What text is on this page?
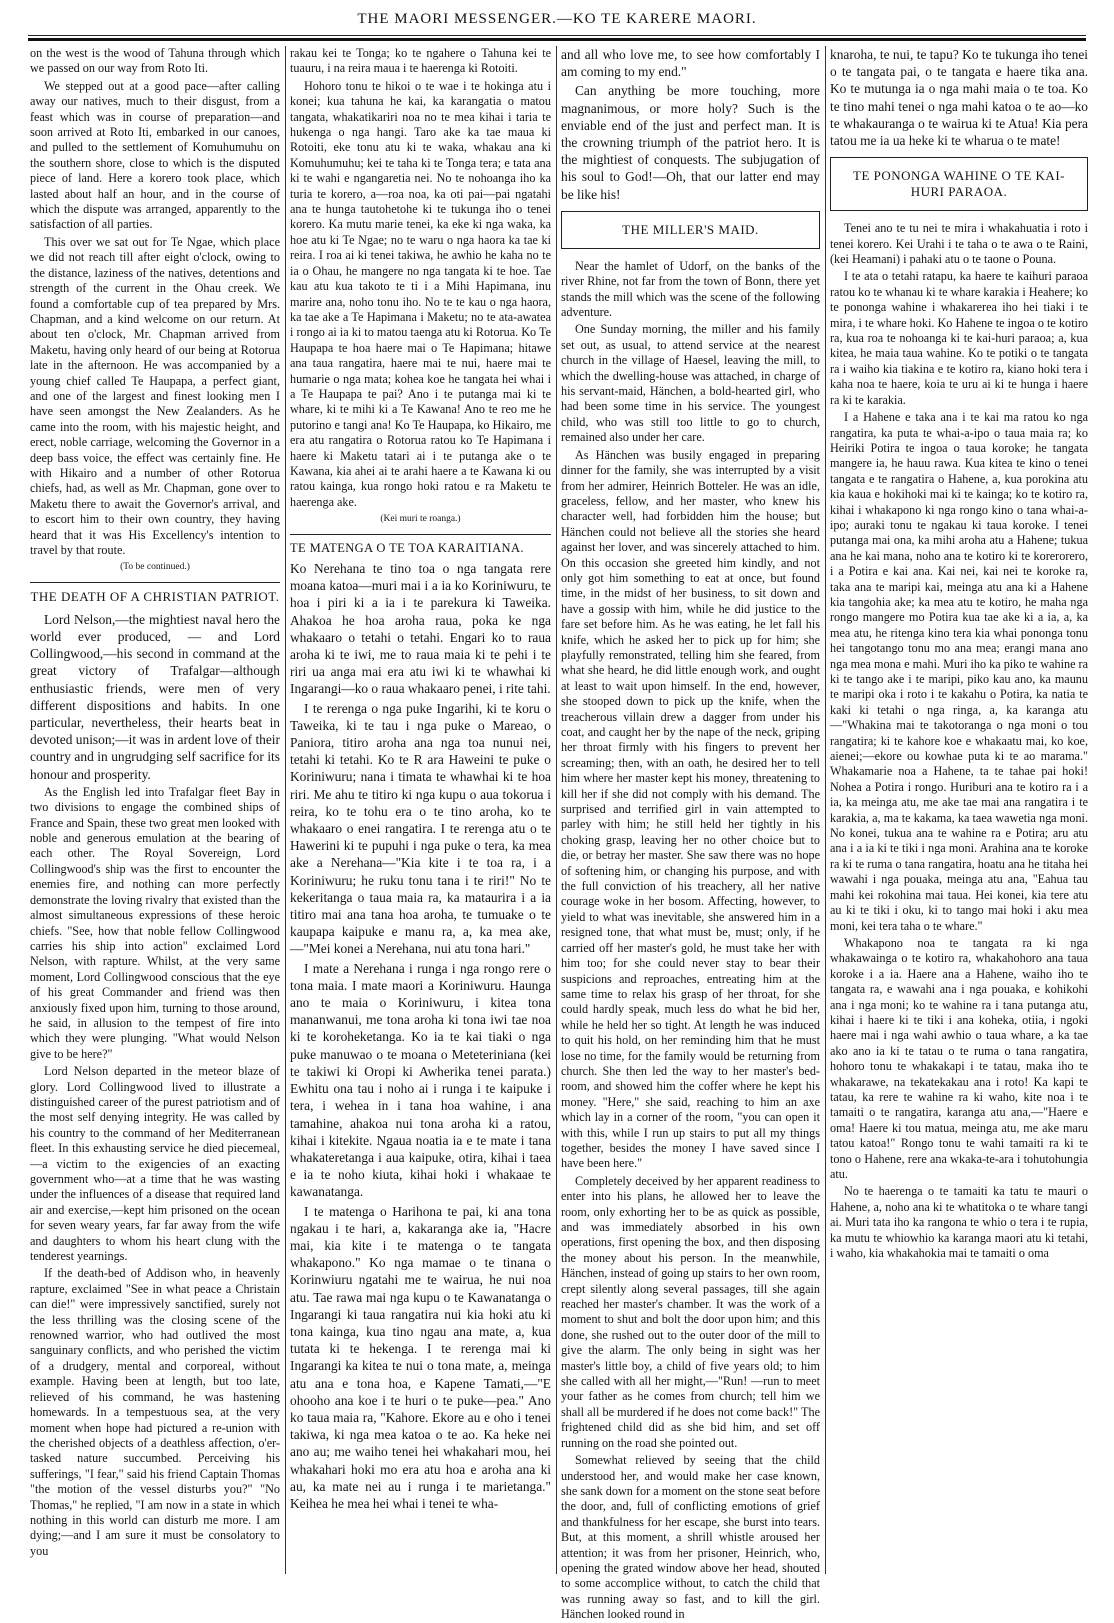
THE MAORI MESSENGER.—KO TE KARERE MAORI.

on the west is the wood of Tahuna through which we passed on our way from Roto Iti.

We stepped out at a good pace—after calling away our natives, much to their disgust, from a feast which was in course of preparation—and soon arrived at Roto Iti, embarked in our canoes, and pulled to the settlement of Komuhumuhu on the southern shore, close to which is the disputed piece of land. Here a korero took place, which lasted about half an hour, and in the course of which the dispute was arranged, apparently to the satisfaction of all parties.

This over we sat out for Te Ngae, which place we did not reach till after eight o'clock, owing to the distance, laziness of the natives, detentions and strength of the current in the Ohau creek. We found a comfortable cup of tea prepared by Mrs. Chapman, and a kind welcome on our return. At about ten o'clock, Mr. Chapman arrived from Maketu, having only heard of our being at Rotorua late in the afternoon. He was accompanied by a young chief called Te Haupapa, a perfect giant, and one of the largest and finest looking men I have seen amongst the New Zealanders. As he came into the room, with his majestic height, and erect, noble carriage, welcoming the Governor in a deep bass voice, the effect was certainly fine. He with Hikairo and a number of other Rotorua chiefs, had, as well as Mr. Chapman, gone over to Maketu there to await the Governor's arrival, and to escort him to their own country, they having heard that it was His Excellency's intention to travel by that route.

(To be continued.)
THE DEATH OF A CHRISTIAN PATRIOT.

Lord Nelson,—the mightiest naval hero the world ever produced, — and Lord Collingwood,—his second in command at the great victory of Trafalgar—although enthusiastic friends, were men of very different dispositions and habits. In one particular, nevertheless, their hearts beat in devoted unison;—it was in ardent love of their country and in ungrudging self sacrifice for its honour and prosperity.

As the English led into Trafalgar fleet Bay in two divisions to engage the combined ships of France and Spain, these two great men looked with noble and generous emulation at the bearing of each other. The Royal Sovereign, Lord Collingwood's ship was the first to encounter the enemies fire, and nothing can more perfectly demonstrate the loving rivalry that existed than the almost simultaneous expressions of these heroic chiefs. "See, how that noble fellow Collingwood carries his ship into action" exclaimed Lord Nelson, with rapture. Whilst, at the very same moment, Lord Collingwood conscious that the eye of his great Commander and friend was then anxiously fixed upon him, turning to those around, he said, in allusion to the tempest of fire into which they were plunging. "What would Nelson give to be here?"

Lord Nelson departed in the meteor blaze of glory. Lord Collingwood lived to illustrate a distinguished career of the purest patriotism and of the most self denying integrity. He was called by his country to the command of her Mediterranean fleet. In this exhausting service he died piecemeal,—a victim to the exigencies of an exacting government who—at a time that he was wasting under the influences of a disease that required land air and exercise,—kept him prisoned on the ocean for seven weary years, far far away from the wife and daughters to whom his heart clung with the tenderest yearnings.

If the death-bed of Addison who, in heavenly rapture, exclaimed "See in what peace a Christain can die!" were impressively sanctified, surely not the less thrilling was the closing scene of the renowned warrior, who had outlived the most sanguinary conflicts, and who perished the victim of a drudgery, mental and corporeal, without example. Having been at length, but too late, relieved of his command, he was hastening homewards. In a tempestuous sea, at the very moment when hope had pictured a re-union with the cherished objects of a deathless affection, o'er-tasked nature succumbed. Perceiving his sufferings, "I fear," said his friend Captain Thomas "the motion of the vessel disturbs you?" "No Thomas," he replied, "I am now in a state in which nothing in this world can disturb me more. I am dying;—and I am sure it must be consolatory to you

rakau kei te Tonga; ko te ngahere o Tahuna kei te tuauru, i na reira maua i te haerenga ki Rotoiti.

Hohoro tonu te hikoi o te wae i te hokinga atu i konei; kua tahuna he kai, ka karangatia o matou tangata, whakatikariri noa no te mea kihai i taria te hukenga o nga hangi. Taro ake ka tae maua ki Rotoiti, eke tonu atu ki te waka, whakau ana ki Komuhumuhu; kei te taha ki te Tonga tera; e tata ana ki te wahi e ngangaretia nei. No te nohoanga iho ka turia te korero, a—roa noa, ka oti pai—pai ngatahi ana te hunga tautohetohe ki te tukunga iho o tenei korero. Ka mutu marie tenei, ka eke ki nga waka, ka hoe atu ki Te Ngae; no te waru o nga haora ka tae ki reira. I roa ai ki tenei takiwa, he awhio he kaha no te ia o Ohau, he mangere no nga tangata ki te hoe. Tae kau atu kua takoto te ti i a Mihi Hapimana, inu marire ana, noho tonu iho. No te te kau o nga haora, ka tae ake a Te Hapimana i Maketu; no te ata-awatea i rongo ai ia ki to matou taenga atu ki Rotorua. Ko Te Haupapa te hoa haere mai o Te Hapimana; hitawe ana taua rangatira, haere mai te nui, haere mai te humarie o nga mata; kohea koe he tangata hei whai i a Te Haupapa te pai? Ano i te putanga mai ki te whare, ki te mihi ki a Te Kawana! Ano te reo me he putorino e tangi ana! Ko Te Haupapa, ko Hikairo, me era atu rangatira o Rotorua ratou ko Te Hapimana i haere ki Maketu tatari ai i te putanga ake o te Kawana, kia ahei ai te arahi haere a te Kawana ki ou ratou kainga, kua rongo hoki ratou e ra Maketu te haerenga ake.

(Kei muri te roanga.)
TE MATENGA O TE TOA KARAITIANA.

Ko Nerehana te tino toa o nga tangata rere moana katoa—muri mai i a ia ko Koriniwuru, te hoa i piri ki a ia i te parekura ki Taweika. Ahakoa he hoa aroha raua, poka ke nga whakaaro o tetahi o tetahi. Engari ko to raua aroha ki te iwi, me to raua maia ki te pehi i te riri ua anga mai era atu iwi ki te whawhai ki Ingarangi—ko o raua whakaaro penei, i rite tahi.

I te rerenga o nga puke Ingarihi, ki te koru o Taweika, ki te tau i nga puke o Mareao, o Paniora, titiro aroha ana nga toa nunui nei, tetahi ki tetahi. Ko te R ara Haweini te puke o Koriniwuru; nana i timata te whawhai ki te hoa riri. Me ahu te titiro ki nga kupu o aua tokorua i reira, ko te tohu era o te tino aroha, ko te whakaaro o enei rangatira. I te rerenga atu o te Hawerini ki te pupuhi i nga puke o tera, ka mea ake a Nerehana—"Kia kite i te toa ra, i a Koriniwuru; he ruku tonu tana i te riri!" No te kekeritanga o taua maia ra, ka mataurira i a ia titiro mai ana tana hoa aroha, te tumuake o te kaupapa kaipuke e manu ra, a, ka mea ake,—"Mei konei a Nerehana, nui atu tona hari."

I mate a Nerehana i runga i nga rongo rere o tona maia. I mate maori a Koriniwuru. Haunga ano te maia o Koriniwuru, i kitea tona mananwanui, me tona aroha ki tona iwi tae noa ki te koroheketanga. Ko ia te kai tiaki o nga puke manuwao o te moana o Meteteriniana (kei te takiwi ki Oropi ki Awherika tenei parata.) Ewhitu ona tau i noho ai i runga i te kaipuke i tera, i wehea in i tana hoa wahine, i ana tamahine, ahakoa nui tona aroha ki a ratou, kihai i kitekite. Ngaua noatia ia e te mate i tana whakateretanga i aua kaipuke, otira, kihai i taea e ia te noho kiuta, kihai hoki i whakaae te kawanatanga.

I te matenga o Harihona te pai, ki ana tona ngakau i te hari, a, kakaranga ake ia, "Hacre mai, kia kite i te matenga o te tangata whakapono." Ko nga mamae o te tinana o Korinwiuru ngatahi me te wairua, he nui noa atu. Tae rawa mai nga kupu o te Kawanatanga o Ingarangi ki taua rangatira nui kia hoki atu ki tona kainga, kua tino ngau ana mate, a, kua tutata ki te hekenga. I te rerenga mai ki Ingarangi ka kitea te nui o tona mate, a, meinga atu ana e tona hoa, e Kapene Tamati,—"E ohooho ana koe i te huri o te puke—pea." Ano ko taua maia ra, "Kahore. Ekore au e oho i tenei takiwa, ki nga mea katoa o te ao. Ka heke nei ano au; me waiho tenei hei whakahari mou, hei whakahari hoki mo era atu hoa e aroha ana ki au, ka mate nei au i runga i te marietanga." Keihea he mea hei whai i tenei te wha-

and all who love me, to see how comfortably I am coming to my end."

Can anything be more touching, more magnanimous, or more holy? Such is the enviable end of the just and perfect man. It is the crowning triumph of the patriot hero. It is the mightiest of conquests. The subjugation of his soul to God!—Oh, that our latter end may be like his!

THE MILLER'S MAID.

Near the hamlet of Udorf, on the banks of the river Rhine, not far from the town of Bonn, there yet stands the mill which was the scene of the following adventure.

One Sunday morning, the miller and his family set out, as usual, to attend service at the nearest church in the village of Haesel, leaving the mill, to which the dwelling-house was attached, in charge of his servant-maid, Hänchen, a bold-hearted girl, who had been some time in his service. The youngest child, who was still too little to go to church, remained also under her care.

As Hänchen was busily engaged in preparing dinner for the family, she was interrupted by a visit from her admirer, Heinrich Botteler. He was an idle, graceless, fellow, and her master, who knew his character well, had forbidden him the house; but Hänchen could not believe all the stories she heard against her lover, and was sincerely attached to him. On this occasion she greeted him kindly, and not only got him something to eat at once, but found time, in the midst of her business, to sit down and have a gossip with him, while he did justice to the fare set before him. As he was eating, he let fall his knife, which he asked her to pick up for him; she playfully remonstrated, telling him she feared, from what she heard, he did little enough work, and ought at least to wait upon himself. In the end, however, she stooped down to pick up the knife, when the treacherous villain drew a dagger from under his coat, and caught her by the nape of the neck, griping her throat firmly with his fingers to prevent her screaming; then, with an oath, he desired her to tell him where her master kept his money, threatening to kill her if she did not comply with his demand. The surprised and terrified girl in vain attempted to parley with him; he still held her tightly in his choking grasp, leaving her no other choice but to die, or betray her master. She saw there was no hope of softening him, or changing his purpose, and with the full conviction of his treachery, all her native courage woke in her bosom. Affecting, however, to yield to what was inevitable, she answered him in a resigned tone, that what must be, must; only, if he carried off her master's gold, he must take her with him too; for she could never stay to bear their suspicions and reproaches, entreating him at the same time to relax his grasp of her throat, for she could hardly speak, much less do what he bid her, while he held her so tight. At length he was induced to quit his hold, on her reminding him that he must lose no time, for the family would be returning from church. She then led the way to her master's bed-room, and showed him the coffer where he kept his money. "Here," she said, reaching to him an axe which lay in a corner of the room, "you can open it with this, while I run up stairs to put all my things together, besides the money I have saved since I have been here."

Completely deceived by her apparent readiness to enter into his plans, he allowed her to leave the room, only exhorting her to be as quick as possible, and was immediately absorbed in his own operations, first opening the box, and then disposing the money about his person. In the meanwhile, Hänchen, instead of going up stairs to her own room, crept silently along several passages, till she again reached her master's chamber. It was the work of a moment to shut and bolt the door upon him; and this done, she rushed out to the outer door of the mill to give the alarm. The only being in sight was her master's little boy, a child of five years old; to him she called with all her might,—"Run! —run to meet your father as he comes from church; tell him we shall all be murdered if he does not come back!" The frightened child did as she bid him, and set off running on the road she pointed out.

Somewhat relieved by seeing that the child understood her, and would make her case known, she sank down for a moment on the stone seat before the door, and, full of conflicting emotions of grief and thankfulness for her escape, she burst into tears. But, at this moment, a shrill whistle aroused her attention; it was from her prisoner, Heinrich, who, opening the grated window above her head, shouted to some accomplice without, to catch the child that was running away so fast, and to kill the girl. Hänchen looked round in

knaroha, te nui, te tapu? Ko te tukunga iho tenei o te tangata pai, o te tangata e haere tika ana. Ko te mutunga ia o nga mahi maia o te toa. Ko te tino mahi tenei o nga mahi katoa o te ao—ko te whakauranga o te wairua ki te Atua! Kia pera tatou me ia ua heke ki te wharua o te mate!

TE PONONGA WAHINE O TE KAI-HURI PARAOA.

Tenei ano te tu nei te mira i whakahuatia i roto i tenei korero. Kei Urahi i te taha o te awa o te Raini, (kei Heamani) i pahaki atu o te taone o Pouna.

I te ata o tetahi ratapu, ka haere te kaihuri paraoa ratou ko te whanau ki te whare karakia i Heahere; ko te pononga wahine i whakarerea iho hei tiaki i te mira, i te whare hoki. Ko Hahene te ingoa o te kotiro ra, kua roa te nohoanga ki te kai-huri paraoa; a, kua kitea, he maia taua wahine. Ko te potiki o te tangata ra i waiho kia tiakina e te kotiro ra, kiano hoki tera i kaha noa te haere, koia te uru ai ki te hunga i haere ra ki te karakia.

I a Hahene e taka ana i te kai ma ratou ko nga rangatira, ka puta te whai-a-ipo o taua maia ra; ko Heiriki Potira te ingoa o taua koroke; he tangata mangere ia, he hauu rawa. Kua kitea te kino o tenei tangata e te rangatira o Hahene, a, kua porokina atu kia kaua e hokihoki mai ki te kainga; ko te kotiro ra, kihai i whakapono ki nga rongo kino o tana whai-a-ipo; auraki tonu te ngakau ki taua koroke. I tenei putanga mai ona, ka mihi aroha atu a Hahene; tukua ana he kai mana, noho ana te kotiro ki te korerorero, i a Potira e kai ana. Kai nei, kai nei te koroke ra, taka ana te maripi kai, meinga atu ana ki a Hahene kia tangohia ake; ka mea atu te kotiro, he maha nga rongo mangere mo Potira kua tae ake ki a ia, a, ka mea atu, he ritenga kino tera kia whai pononga tonu hei tangotango tonu mo ana mea; erangi mana ano nga mea mona e mahi. Muri iho ka piko te wahine ra ki te tango ake i te maripi, piko kau ano, ka maunu te maripi oka i roto i te kakahu o Potira, ka natia te kaki ki tetahi o nga ringa, a, ka karanga atu—"Whakina mai te takotoranga o nga moni o tou rangatira; ki te kahore koe e whakaatu mai, ko koe, aienei;—ekore ou kowhae puta ki te ao marama." Whakamarie noa a Hahene, ta te tahae pai hoki! Nohea a Potira i rongo. Huriburi ana te kotiro ra i a ia, ka meinga atu, me ake tae mai ana rangatira i te karakia, a, ma te kakama, ka taea wawetia nga moni. No konei, tukua ana te wahine ra e Potira; aru atu ana i a ia ki te tiki i nga moni. Arahina ana te koroke ra ki te ruma o tana rangatira, hoatu ana he titaha hei wawahi i nga pouaka, meinga atu ana, "Eahua tau mahi kei rokohina mai taua. Hei konei, kia tere atu au ki te tiki i oku, ki to tango mai hoki i aku mea moni, kei tera taha o te whare."

Whakapono noa te tangata ra ki nga whakawainga o te kotiro ra, whakahohoro ana taua koroke i a ia. Haere ana a Hahene, waiho iho te tangata ra, e wawahi ana i nga pouaka, e kohikohi ana i nga moni; ko te wahine ra i tana putanga atu, kihai i haere ki te tiki i ana koheka, otiia, i ngoki haere mai i nga wahi awhio o taua whare, a ka tae ako ano ia ki te tatau o te ruma o tana rangatira, hohoro tonu te whakakapi i te tatau, maka iho te whakarawe, na tekatekakau ana i roto! Ka kapi te tatau, ka rere te wahine ra ki waho, kite noa i te tamaiti o te rangatira, karanga atu ana,—"Haere e oma! Haere ki tou matua, meinga atu, me ake maru tatou katoa!" Rongo tonu te wahi tamaiti ra ki te tono o Hahene, rere ana wkaka-te-ara i tohutohungia atu.

No te haerenga o te tamaiti ka tatu te mauri o Hahene, a, noho ana ki te whatitoka o te whare tangi ai. Muri tata iho ka rangona te whio o tera i te rupia, ka mutu te whiowhio ka karanga maori atu ki tetahi, i waho, kia whakahokia mai te tamaiti o oma
